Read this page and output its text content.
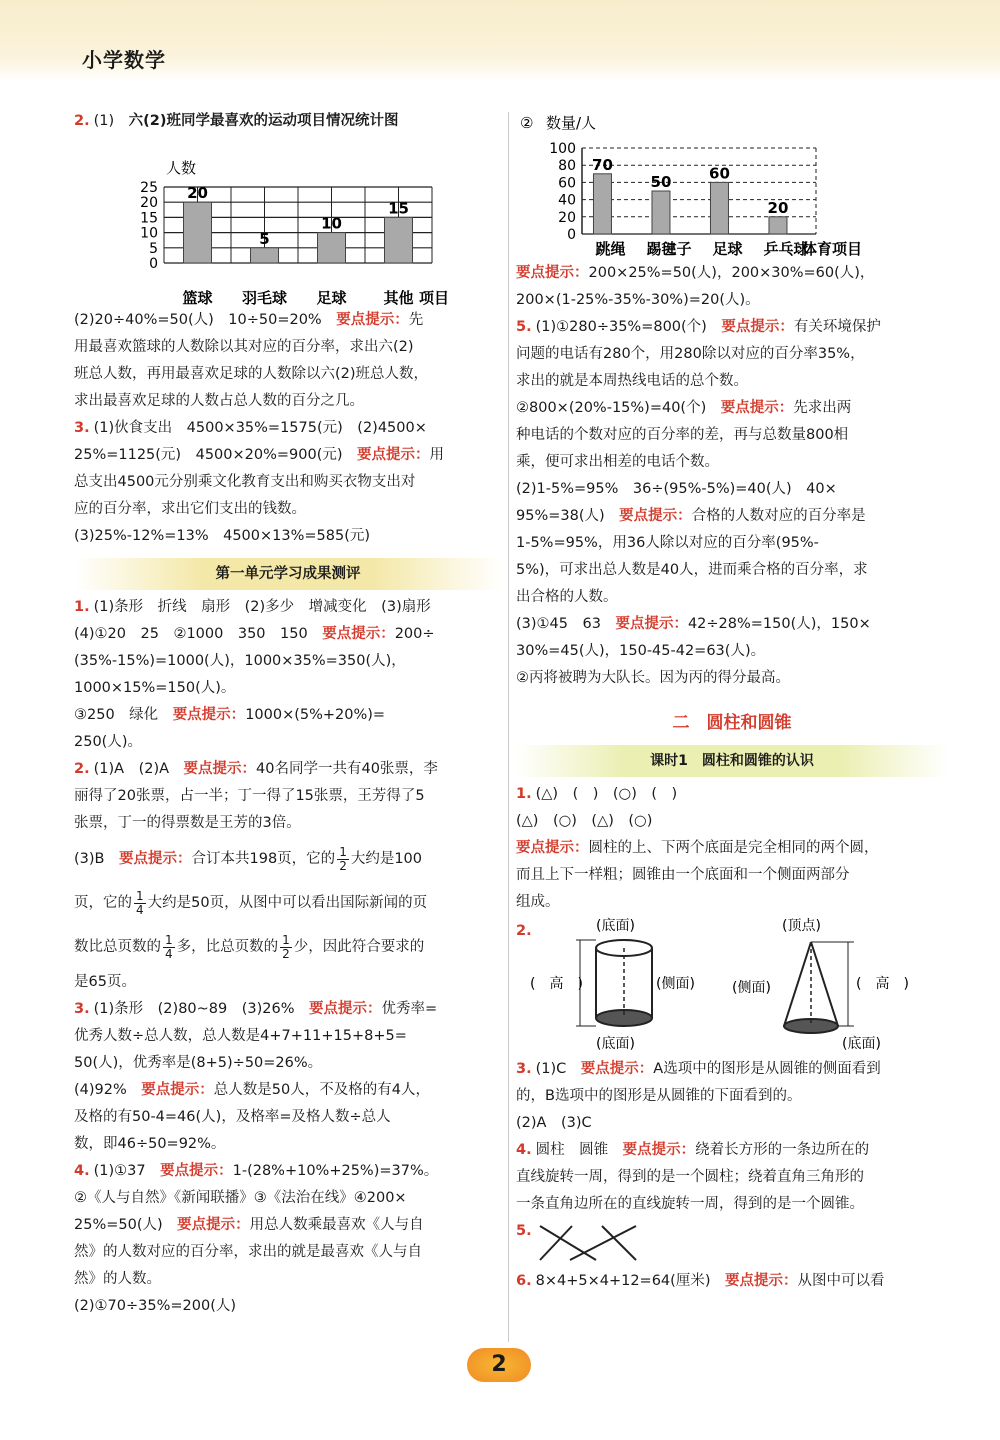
小学数学

2. (1)　 六(2)班同学最喜欢的运动项目情况统计图

人数
0
5
10
15
20
25 20
篮球
5
羽毛球
10
足球
15
其他 项目

(2)20÷40%=50(人)　10÷50=20%　要点提示：先

用最喜欢篮球的人数除以其对应的百分率，求出六(2)

班总人数，再用最喜欢足球的人数除以六(2)班总人数，

求出最喜欢足球的人数占总人数的百分之几。

3. (1)伙食支出　4500×35%=1575(元)　(2)4500×

25%=1125(元)　4500×20%=900(元)　要点提示：用

总支出4500元分别乘文化教育支出和购买衣物支出对

应的百分率，求出它们支出的钱数。

(3)25%-12%=13%　4500×13%=585(元)

第一单元学习成果测评

1. (1)条形　折线　扇形　(2)多少　增减变化　(3)扇形

(4)①20　25　②1000　350　150　要点提示：200÷

(35%-15%)=1000(人)，1000×35%=350(人)，

1000×15%=150(人)。

③250　绿化　要点提示：1000×(5%+20%)=

250(人)。

2. (1)A　(2)A　要点提示：40名同学一共有40张票，李

丽得了20张票，占一半；丁一得了15张票，王芳得了5

张票，丁一的得票数是王芳的3倍。

(3)B　要点提示：合订本共198页，它的 $\frac{1}{2}$ 大约是100

页，它的 $\frac{1}{4}$ 大约是50页，从图中可以看出国际新闻的页

数比总页数的 $\frac{1}{4}$ 多，比总页数的 $\frac{1}{2}$ 少，因此符合要求的

是65页。

3. (1)条形　(2)80~89　(3)26%　要点提示：优秀率=

优秀人数÷总人数，总人数是4+7+11+15+8+5=

50(人)，优秀率是(8+5)÷50=26%。

(4)92%　要点提示：总人数是50人，不及格的有4人，

及格的有50-4=46(人)，及格率=及格人数÷总人

数，即46÷50=92%。

4. (1)①37　要点提示：1-(28%+10%+25%)=37%。

②《人与自然》《新闻联播》③《法治在线》④200×

25%=50(人)　要点提示：用总人数乘最喜欢《人与自

然》的人数对应的百分率，求出的就是最喜欢《人与自

然》的人数。

(2)①70÷35%=200(人)

数量/人
0
20
40
60
80
100
70
跳绳
50
踢毽子
60
足球
20
乒乓球
体育项目
②

要点提示：200×25%=50(人)，200×30%=60(人)，

200×(1-25%-35%-30%)=20(人)。

5. (1)①280÷35%=800(个)　要点提示：有关环境保护

问题的电话有280个，用280除以对应的百分率35%，

求出的就是本周热线电话的总个数。

②800×(20%-15%)=40(个)　要点提示：先求出两

种电话的个数对应的百分率的差，再与总数量800相

乘，便可求出相差的电话个数。

(2)1-5%=95%　36÷(95%-5%)=40(人)　40×

95%=38(人)　要点提示：合格的人数对应的百分率是

1-5%=95%，用36人除以对应的百分率(95%-

5%)，可求出总人数是40人，进而乘合格的百分率，求

出合格的人数。

(3)①45　63　要点提示：42÷28%=150(人)，150×

30%=45(人)，150-45-42=63(人)。

②丙将被聘为大队长。因为丙的得分最高。

二　圆柱和圆锥
课时1　圆柱和圆锥的认识

1. (△)　(　)　(○)　(　)

(△)　(○)　(△)　(○)

要点提示：圆柱的上、下两个底面是完全相同的两个圆，

而且上下一样粗；圆锥由一个底面和一个侧面两部分

组成。

2.	(底面)
(　高　)	(侧面)
(底面)
(顶点)
(侧面)	(　高　)
(底面)

3. (1)C　要点提示：A选项中的图形是从圆锥的侧面看到

的，B选项中的图形是从圆锥的下面看到的。

(2)A　(3)C

4. 圆柱　圆锥　要点提示：绕着长方形的一条边所在的

直线旋转一周，得到的是一个圆柱；绕着直角三角形的

一条直角边所在的直线旋转一周，得到的是一个圆锥。

5.

6. 8×4+5×4+12=64(厘米)　要点提示：从图中可以看

2
